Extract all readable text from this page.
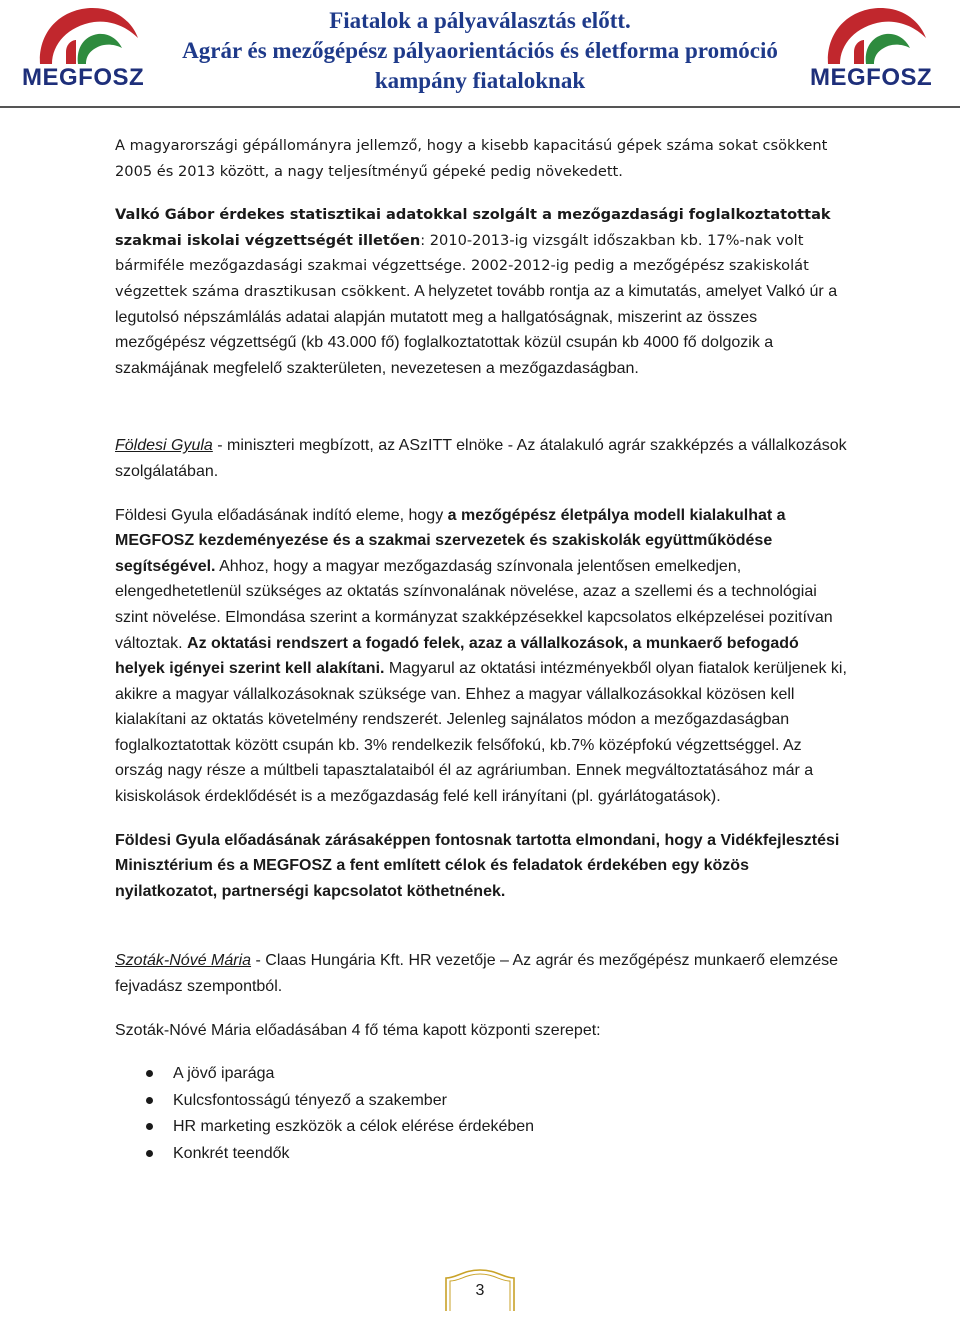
MEGFOSZ
Fiatalok a pályaválasztás előtt.
Agrár és mezőgépész pályaorientációs és életforma promóció
kampány fiataloknak	MEGFOSZ

A magyarországi gépállományra jellemző, hogy a kisebb kapacitású gépek száma sokat csökkent 2005 és 2013 között, a nagy teljesítményű gépeké pedig növekedett.

Valkó Gábor érdekes statisztikai adatokkal szolgált a mezőgazdasági foglalkoztatottak szakmai iskolai végzettségét illetően: 2010-2013-ig vizsgált időszakban kb. 17%-nak volt bármiféle mezőgazdasági szakmai végzettsége. 2002-2012-ig pedig a mezőgépész szakiskolát végzettek száma drasztikusan csökkent. A helyzetet tovább rontja az a kimutatás, amelyet Valkó úr a legutolsó népszámlálás adatai alapján mutatott meg a hallgatóságnak, miszerint az összes mezőgépész végzettségű (kb 43.000 fő) foglalkoztatottak közül csupán kb 4000 fő dolgozik a szakmájának megfelelő szakterületen, nevezetesen a mezőgazdaságban.

Földesi Gyula - miniszteri megbízott, az ASzITT elnöke - Az átalakuló agrár szakképzés a vállalkozások szolgálatában.

Földesi Gyula előadásának indító eleme, hogy a mezőgépész életpálya modell kialakulhat a MEGFOSZ kezdeményezése és a szakmai szervezetek és szakiskolák együttműködése segítségével. Ahhoz, hogy a magyar mezőgazdaság színvonala jelentősen emelkedjen, elengedhetetlenül szükséges az oktatás színvonalának növelése, azaz a szellemi és a technológiai szint növelése. Elmondása szerint a kormányzat szakképzésekkel kapcsolatos elképzelései pozitívan változtak. Az oktatási rendszert a fogadó felek, azaz a vállalkozások, a munkaerő befogadó helyek igényei szerint kell alakítani. Magyarul az oktatási intézményekből olyan fiatalok kerüljenek ki, akikre a magyar vállalkozásoknak szüksége van. Ehhez a magyar vállalkozásokkal közösen kell kialakítani az oktatás követelmény rendszerét. Jelenleg sajnálatos módon a mezőgazdaságban foglalkoztatottak között csupán kb. 3% rendelkezik felsőfokú, kb.7% középfokú végzettséggel. Az ország nagy része a múltbeli tapasztalataiból él az agráriumban. Ennek megváltoztatásához már a kisiskolások érdeklődését is a mezőgazdaság felé kell irányítani (pl. gyárlátogatások).

Földesi Gyula előadásának zárásaképpen fontosnak tartotta elmondani, hogy a Vidékfejlesztési Minisztérium és a MEGFOSZ a fent említett célok és feladatok érdekében egy közös nyilatkozatot, partnerségi kapcsolatot köthetnének.

Szoták-Nóvé Mária - Claas Hungária Kft. HR vezetője – Az agrár és mezőgépész munkaerő elemzése fejvadász szempontból.

Szoták-Nóvé Mária előadásában 4 fő téma kapott központi szerepet:

A jövő iparága
Kulcsfontosságú tényező a szakember
HR marketing eszközök a célok elérése érdekében
Konkrét teendők
3
